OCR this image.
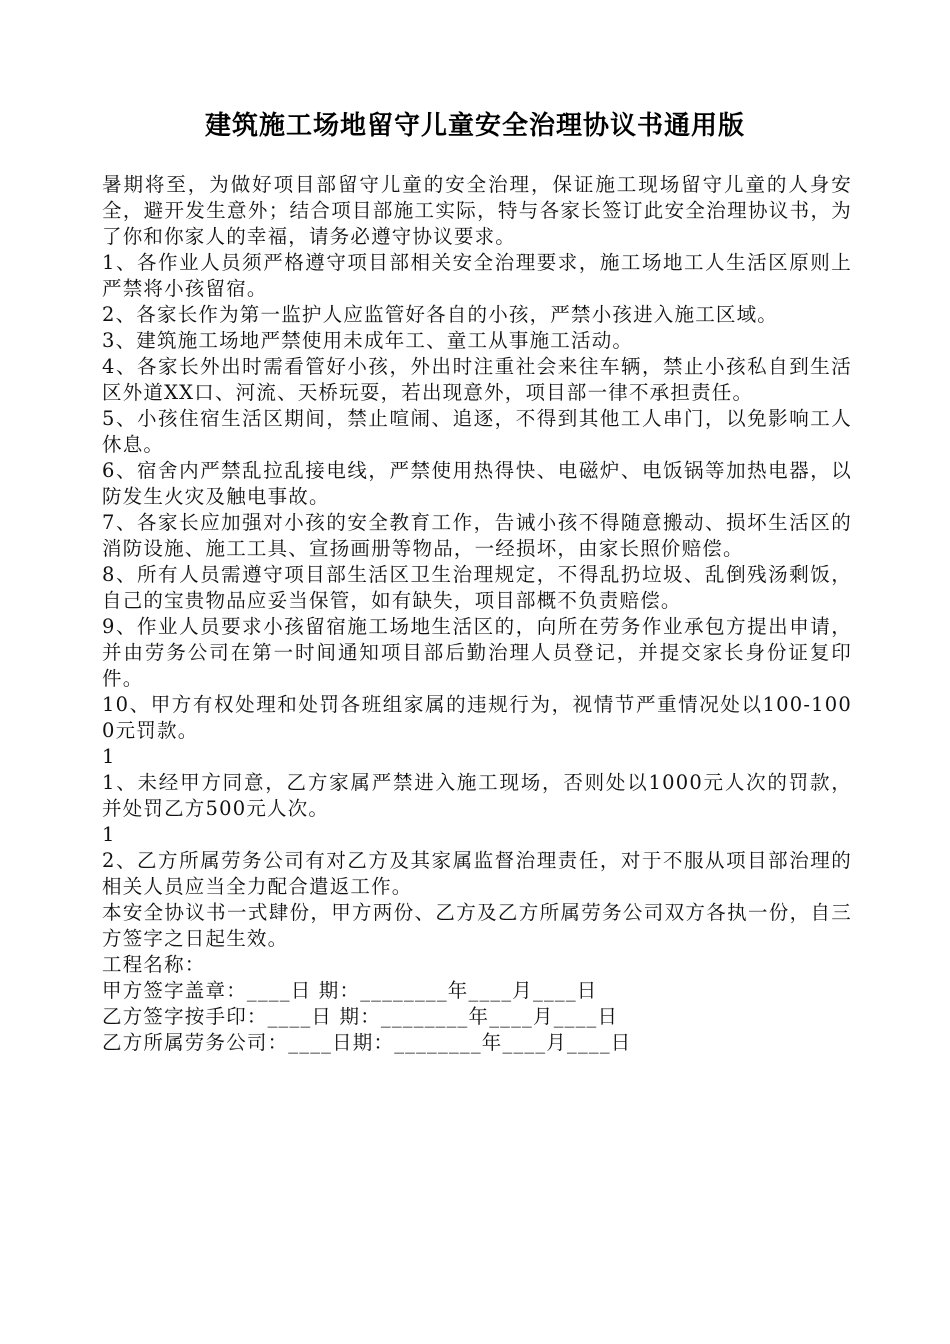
建筑施工场地留守儿童安全治理协议书通用版

暑期将至，为做好项目部留守儿童的安全治理，保证施工现场留守儿童的人身安全，避开发生意外；结合项目部施工实际，特与各家长签订此安全治理协议书，为了你和你家人的幸福，请务必遵守协议要求。

1、各作业人员须严格遵守项目部相关安全治理要求，施工场地工人生活区原则上严禁将小孩留宿。

2、各家长作为第一监护人应监管好各自的小孩，严禁小孩进入施工区域。

3、建筑施工场地严禁使用未成年工、童工从事施工活动。

4、各家长外出时需看管好小孩，外出时注重社会来往车辆，禁止小孩私自到生活区外道XX口、河流、天桥玩耍，若出现意外，项目部一律不承担责任。

5、小孩住宿生活区期间，禁止喧闹、追逐，不得到其他工人串门，以免影响工人休息。

6、宿舍内严禁乱拉乱接电线，严禁使用热得快、电磁炉、电饭锅等加热电器，以防发生火灾及触电事故。

7、各家长应加强对小孩的安全教育工作，告诫小孩不得随意搬动、损坏生活区的消防设施、施工工具、宣扬画册等物品，一经损坏，由家长照价赔偿。

8、所有人员需遵守项目部生活区卫生治理规定，不得乱扔垃圾、乱倒残汤剩饭，自己的宝贵物品应妥当保管，如有缺失，项目部概不负责赔偿。

9、作业人员要求小孩留宿施工场地生活区的，向所在劳务作业承包方提出申请，并由劳务公司在第一时间通知项目部后勤治理人员登记，并提交家长身份证复印件。

10、甲方有权处理和处罚各班组家属的违规行为，视情节严重情况处以100-1000元罚款。

1

1、未经甲方同意，乙方家属严禁进入施工现场，否则处以1000元人次的罚款，并处罚乙方500元人次。

1

2、乙方所属劳务公司有对乙方及其家属监督治理责任，对于不服从项目部治理的相关人员应当全力配合遣返工作。

本安全协议书一式肆份，甲方两份、乙方及乙方所属劳务公司双方各执一份，自三方签字之日起生效。

工程名称：

甲方签字盖章：____日 期：________年____月____日

乙方签字按手印：____日 期：________年____月____日

乙方所属劳务公司：____日期：________年____月____日
